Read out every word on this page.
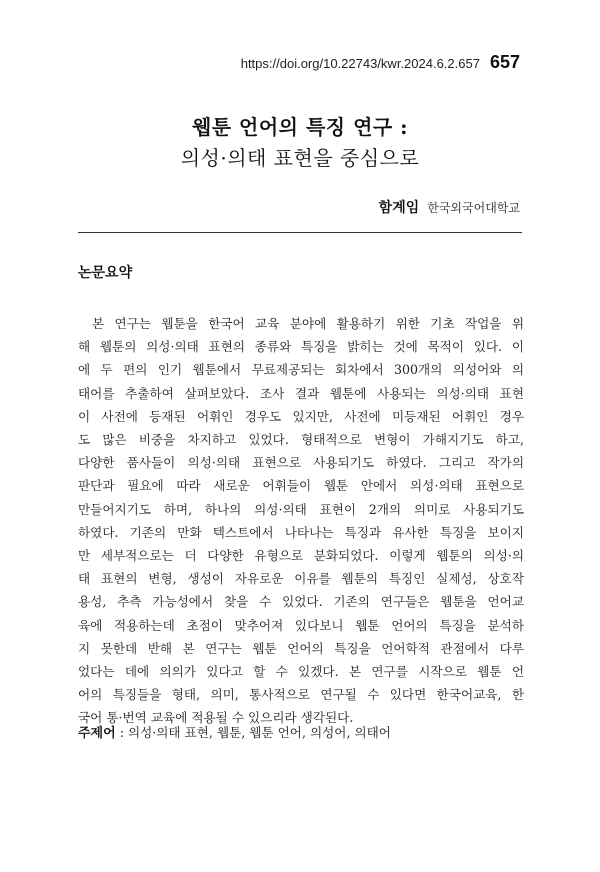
https://doi.org/10.22743/kwr.2024.6.2.657 657
웹툰 언어의 특징 연구 :
의성·의태 표현을 중심으로
함계임 한국외국어대학교
논문요약
본 연구는 웹툰을 한국어 교육 분야에 활용하기 위한 기초 작업을 위
해 웹툰의 의성·의태 표현의 종류와 특징을 밝히는 것에 목적이 있다. 이
에 두 편의 인기 웹툰에서 무료제공되는 회차에서 300개의 의성어와 의
태어를 추출하여 살펴보았다. 조사 결과 웹툰에 사용되는 의성·의태 표현
이 사전에 등재된 어휘인 경우도 있지만, 사전에 미등재된 어휘인 경우
도 많은 비중을 차지하고 있었다. 형태적으로 변형이 가해지기도 하고,
다양한 품사들이 의성·의태 표현으로 사용되기도 하였다. 그리고 작가의
판단과 필요에 따라 새로운 어휘들이 웹툰 안에서 의성·의태 표현으로
만들어지기도 하며, 하나의 의성·의태 표현이 2개의 의미로 사용되기도
하였다. 기존의 만화 텍스트에서 나타나는 특징과 유사한 특징을 보이지
만 세부적으로는 더 다양한 유형으로 분화되었다. 이렇게 웹툰의 의성·의
태 표현의 변형, 생성이 자유로운 이유를 웹툰의 특징인 실제성, 상호작
용성, 추측 가능성에서 찾을 수 있었다. 기존의 연구들은 웹툰을 언어교
육에 적용하는데 초점이 맞추어져 있다보니 웹툰 언어의 특징을 분석하
지 못한데 반해 본 연구는 웹툰 언어의 특징을 언어학적 관점에서 다루
었다는 데에 의의가 있다고 할 수 있겠다. 본 연구를 시작으로 웹툰 언
어의 특징들을 형태, 의미, 통사적으로 연구될 수 있다면 한국어교육, 한
국어 통·번역 교육에 적용될 수 있으리라 생각된다.
주제어 : 의성·의태 표현, 웹툰, 웹툰 언어, 의성어, 의태어
